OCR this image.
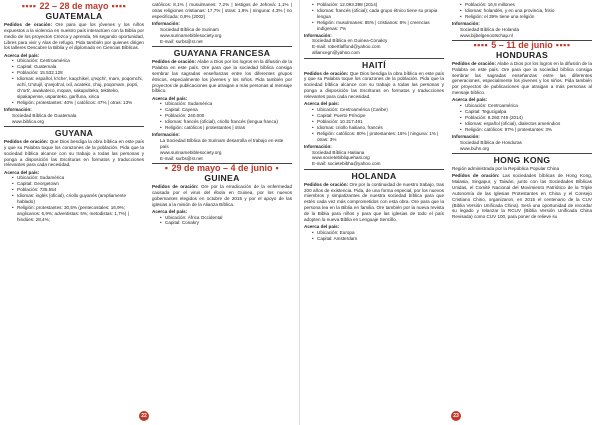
▪▪▪▪ 22 – 28 de mayo ▪▪▪▪
GUATEMALA

Pedidos de oración: Ore para que los jóvenes y los niños expuestos a la violencia en nuestro país interactúen con la Biblia por medio de los proyectos Crezca y aprenda, Mi segundo oportunidad, Libres para vivir y Alas de refugio. Pida también por quienes dirigen los talleres Descubre la Biblia y el diplomado en Ciencias Bíblicas.

Acerca del país:
• Ubicación: Centroamérica
• Capital: Guatemala
• Población: 15.532.128
• Idiomas: español, k'iche', kaqchikel, q'eqchi', mam, poqomchi, achí, tz'utujil, q'anjob'al, ixil, acateko, chuj, poqomam, popti, ch'orti', awakateco, mopan, sakapulteko, tektiteko, sipakapense, uspanteko, garífuna, xinca
• Religión: protestantes: 40% | católicos: 47% | otras: 13%
Información:
Sociedad Bíblica de Guatemala
www.biblica.org
GUYANA

Pedidos de oración: Que Dios bendiga la obra bíblica en este país y que su Palabra toque los corazones de la población. Pida que la sociedad bíblica alcance con su trabajo a todas las personas y ponga a disposición las Escrituras en formatos y traducciones relevantes para cada necesidad.

Acerca del país:
• Ubicación: Sudamérica
• Capital: Georgetown
• Población: 735.554
• Idiomas: inglés (oficial), criollo guyanés (ampliamente hablado)
• Religión: protestantes: 30,5% (pentecostales: 16,9%; anglicanos: 6,9%; adventistas: 5%; metodistas: 1,7%) | hindúes: 28,4%;

católicos: 8,1% | musulmanes: 7,2% | testigos de Jehová: 1,1% | otras religiones cristianas: 17,7% | otras: 1,9% | ninguna: 4,3% | no especificada: 0,9% (2002)

Información:
Sociedad Bíblica de Surinam
www.surinamebiblesociety.org
E-mail: surbs@sr.net
GUAYANA FRANCESA

Pedidos de oración: Alabe a Dios por los logros en la difusión de la Palabra en este país. Ore para que la sociedad bíblica consiga sembrar las sagradas enseñanzas entre los diferentes grupos étnicos, especialmente los jóvenes y los niños. Pida también por proyectos de publicaciones que atraigan a más personas al mensaje bíblico.

Acerca del país:
• Ubicación: Sudamérica
• Capital: Cayena
• Población: 240.000
• Idiomas: francés (oficial), criollo francés (lengua franca)
• Religión: católicos | protestantes | otras
Información:
La Sociedad Bíblica de Surinam desarrolla el trabajo en este país
www.surinamebiblesociety.org
E-mail: surbs@sr.net
▪ 29 de mayo – 4 de junio ▪
GUINEA

Pedidos de oración: Ore por la erradicación de la enfermedad causada por el virus del ébola en Guinea, por los nuevos gobernantes elegidos en octubre de 2015 y por el apoyo de las iglesias a la misión de la Alianza Bíblica.

Acerca del país:
• Ubicación: África Occidental
• Capital: Conakry
22
• Población: 12.093.398 (2014)
• Idiomas: francés (oficial); cada grupo étnico tiene su propia lengua
• Religión: musulmanes: 85% | cristianos: 8% | creencias indígenas: 7%
Información:
Sociedad Bíblica en Guinea-Conakry
E-mail: robertlaffond@yahoo.com
alliancegn@yahoo.com
HAITÍ

Pedidos de oración: Que Dios bendiga la obra bíblica en este país y que su Palabra toque los corazones de la población. Pida que la sociedad bíblica alcance con su trabajo a todas las personas y ponga a disposición las Escrituras en formatos y traducciones relevantes para cada necesidad.

Acerca del país:
• Ubicación: Centroamérica (Caribe)
• Capital: Puerto Príncipe
• Población: 10.317.461
• Idiomas: criollo haitiano, francés
• Religión: católicos: 80% | protestantes: 16% | ninguna: 1% | otras: 3%
Información:
Sociedad Bíblica Haitiana
www.societebibliquehaiti.org
E-mail: societebibha@yahoo.com
HOLANDA

Pedidos de oración: Ore por la continuidad de nuestro trabajo, tras 200 años de existencia. Pida, de una forma especial, por los nuevos miembros y simpatizantes de nuestra sociedad bíblica para que estén cada vez más comprometidos con esta obra. Ore para que la persona lea en la Biblia en familia. Ore también por la nueva revista de la Biblia para niños y para que las iglesias de todo el país adopten la nueva Biblia en Lenguaje Sencillo.

Acerca del país:
• Ubicación: Europa
• Capital: Amsterdam
• Población: 16,8 millones
• Idiomas: holandés, y en una provincia, frisio
• Religión: el 39% tiene una religión
Información:
Sociedad Bíblica de Holanda
www.bijbelgenootschap.nl
▪▪▪▪ 5 – 11 de junio ▪▪▪▪
HONDURAS

Pedidos de oración: Alabe a Dios por los logros en la difusión de la Palabra en este país. Ore para que la sociedad bíblica consiga sembrar las sagradas enseñanzas entre las diferentes generaciones, especialmente los jóvenes y los niños. Pida también por proyectos de publicaciones que atraigan a más personas al mensaje bíblico.

Acerca del país:
• Ubicación: Centroamérica
• Capital: Tegucigalpa
• Población: 8.260.749 (2014)
• Idiomas: español (oficial), dialectos amerindios
• Religión: católicos: 97% | protestantes: 3%
Información:
Sociedad Bíblica de Honduras
www.buhn.org
HONG KONG

Región administrada por la República Popular China

Pedidos de oración: Las sociedades bíblicas de Hong Kong, Malasia, Singapur, y Taiwán, junto con las Sociedades Bíblicas Unidas, el Comité Nacional del Movimiento Patriótico de la Triple Autonomía de las Iglesias Protestantes en China y el Consejo Cristiano Chino, organizaron, en 2015 el centenario de la CUV (Biblia Versión Unificada China). Será una oportunidad de recordar su legado y relanzar la RCUV (Biblia Versión Unificada China Revisada) como CUV 100, para poner de relieve su

23
